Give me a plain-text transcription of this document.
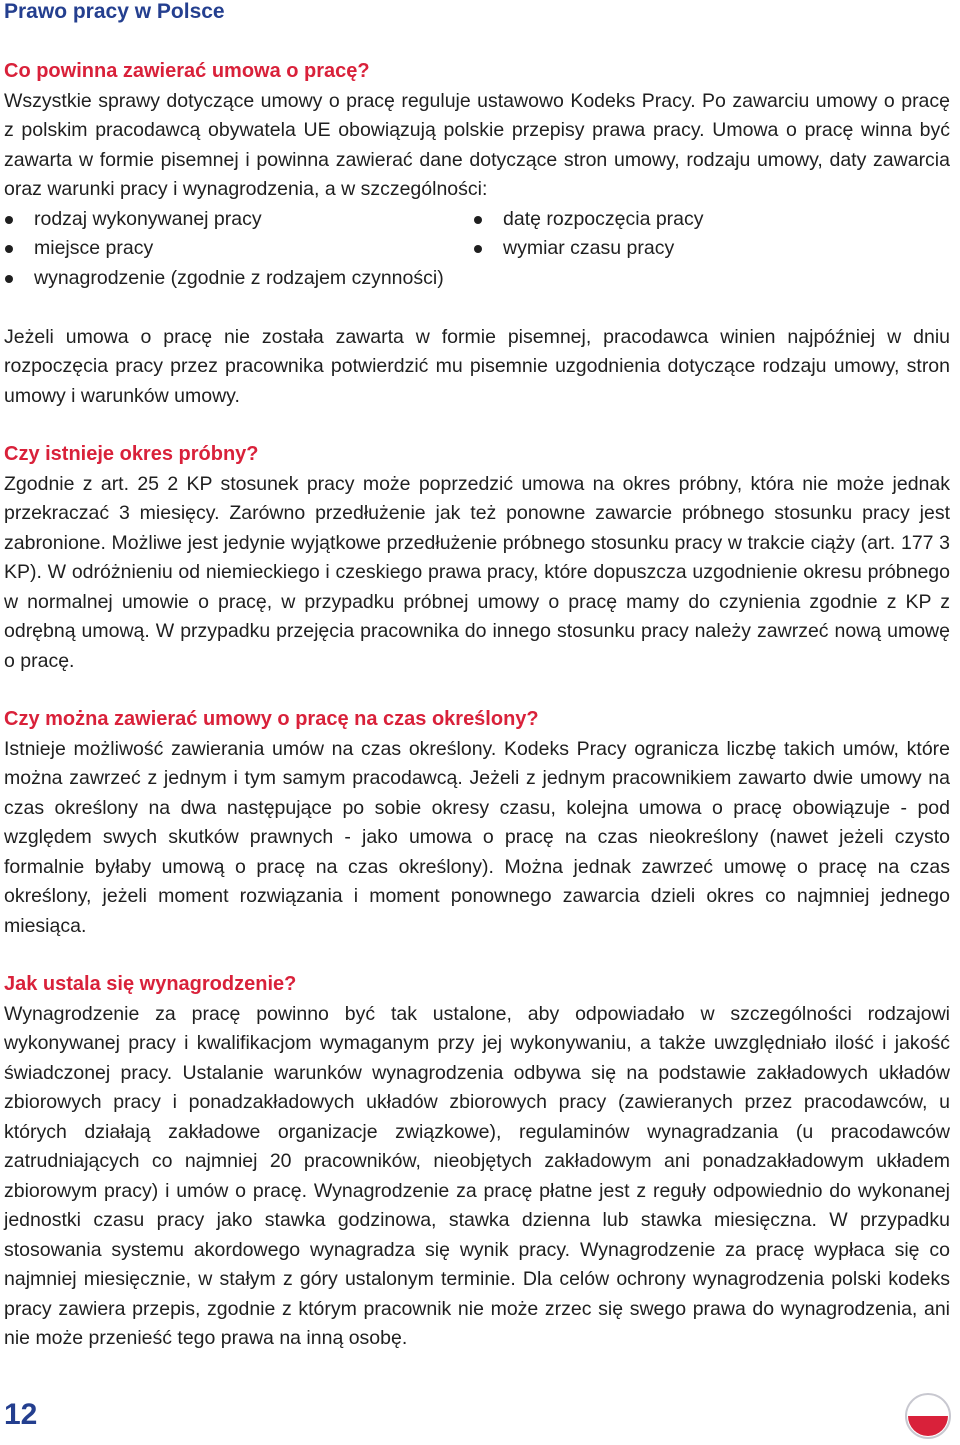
Prawo pracy w Polsce
Co powinna zawierać umowa o pracę?

Wszystkie sprawy dotyczące umowy o pracę reguluje ustawowo Kodeks Pracy. Po zawarciu umowy o pracę z polskim pracodawcą obywatela UE obowiązują polskie przepisy prawa pracy. Umowa o pracę winna być zawarta w formie pisemnej i powinna zawierać dane dotyczące stron umowy, rodzaju umowy, daty zawarcia oraz warunki pracy i wynagrodzenia, a w szczególności:

rodzaj wykonywanej pracy	datę rozpoczęcia pracy
miejsce pracy	wymiar czasu pracy
wynagrodzenie (zgodnie z rodzajem czynności)

Jeżeli umowa o pracę nie została zawarta w formie pisemnej, pracodawca winien najpóźniej w dniu rozpoczęcia pracy przez pracownika potwierdzić mu pisemnie uzgodnienia dotyczące rodzaju umowy, stron umowy i warunków umowy.

Czy istnieje okres próbny?

Zgodnie z art. 25 2 KP stosunek pracy może poprzedzić umowa na okres próbny, która nie może jednak przekraczać 3 miesięcy. Zarówno przedłużenie jak też ponowne zawarcie próbnego stosunku pracy jest zabronione. Możliwe jest jedynie wyjątkowe przedłużenie próbnego stosunku pracy w trakcie ciąży (art. 177 3 KP). W odróżnieniu od niemieckiego i czeskiego prawa pracy, które dopuszcza uzgodnienie okresu próbnego w normalnej umowie o pracę, w przypadku próbnej umowy o pracę mamy do czynienia zgodnie z KP z odrębną umową. W przypadku przejęcia pracownika do innego stosunku pracy należy zawrzeć nową umowę o pracę.

Czy można zawierać umowy o pracę na czas określony?

Istnieje możliwość zawierania umów na czas określony. Kodeks Pracy ogranicza liczbę takich umów, które można zawrzeć z jednym i tym samym pracodawcą. Jeżeli z jednym pracownikiem zawarto dwie umowy na czas określony na dwa następujące po sobie okresy czasu, kolejna umowa o pracę obowiązuje - pod względem swych skutków prawnych - jako umowa o pracę na czas nieokreślony (nawet jeżeli czysto formalnie byłaby umową o pracę na czas określony). Można jednak zawrzeć umowę o pracę na czas określony, jeżeli moment rozwiązania i moment ponownego zawarcia dzieli okres co najmniej jednego miesiąca.

Jak ustala się wynagrodzenie?

Wynagrodzenie za pracę powinno być tak ustalone, aby odpowiadało w szczególności rodzajowi wykonywanej pracy i kwalifikacjom wymaganym przy jej wykonywaniu, a także uwzględniało ilość i jakość świadczonej pracy. Ustalanie warunków wynagrodzenia odbywa się na podstawie zakładowych układów zbiorowych pracy i ponadzakładowych układów zbiorowych pracy (zawieranych przez pracodawców, u których działają zakładowe organizacje związkowe), regulaminów wynagradzania (u pracodawców zatrudniających co najmniej 20 pracowników, nieobjętych zakładowym ani ponadzakładowym układem zbiorowym pracy) i umów o pracę. Wynagrodzenie za pracę płatne jest z reguły odpowiednio do wykonanej jednostki czasu pracy jako stawka godzinowa, stawka dzienna lub stawka miesięczna. W przypadku stosowania systemu akordowego wynagradza się wynik pracy. Wynagrodzenie za pracę wypłaca się co najmniej miesięcznie, w stałym z góry ustalonym terminie. Dla celów ochrony wynagrodzenia polski kodeks pracy zawiera przepis, zgodnie z którym pracownik nie może zrzec się swego prawa do wynagrodzenia, ani nie może przenieść tego prawa na inną osobę.

12
